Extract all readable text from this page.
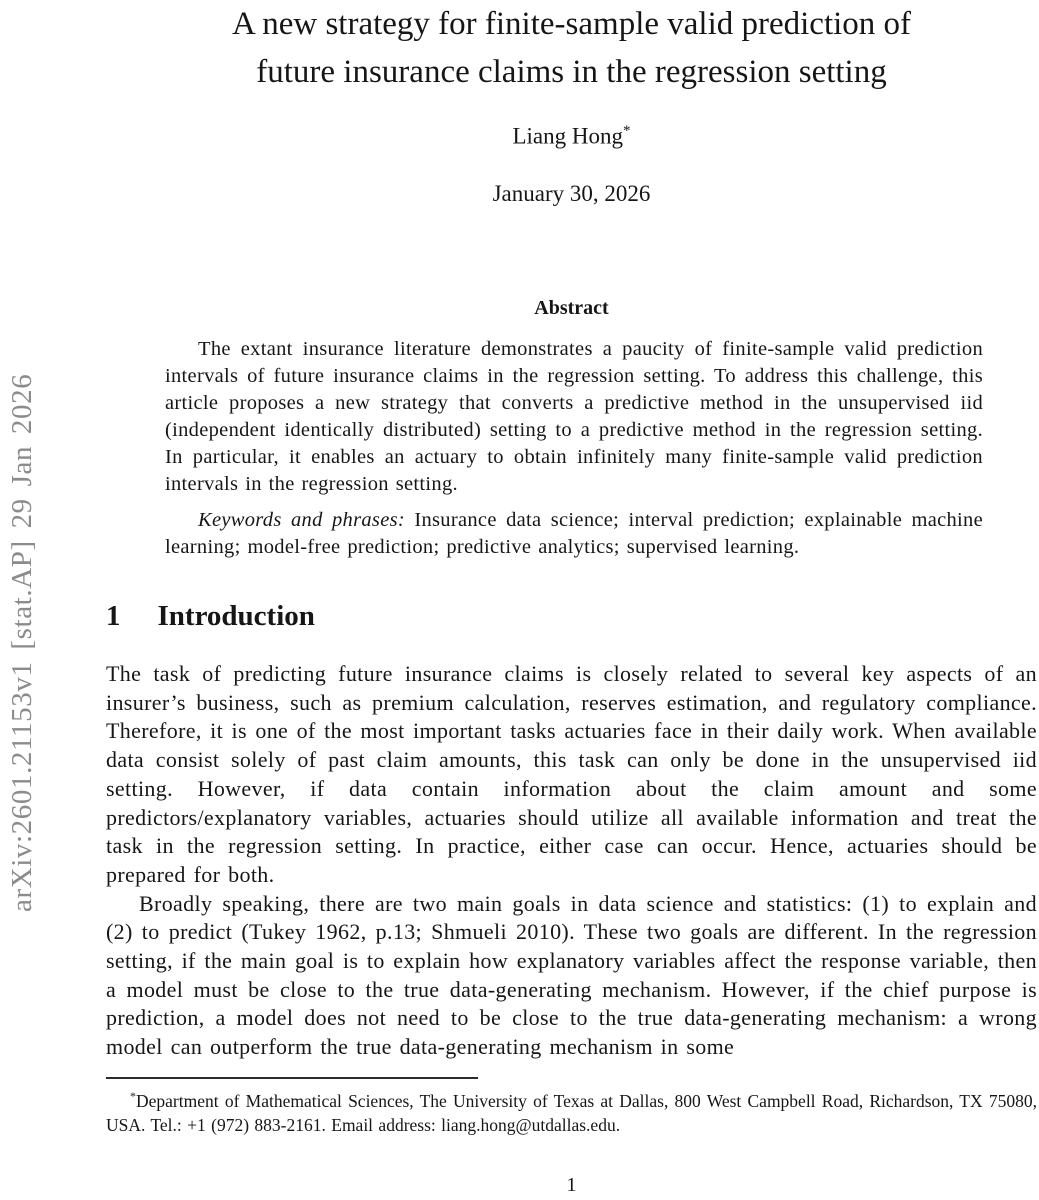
arXiv:2601.21153v1 [stat.AP] 29 Jan 2026
A new strategy for finite-sample valid prediction of
future insurance claims in the regression setting
Liang Hong*
January 30, 2026
Abstract

The extant insurance literature demonstrates a paucity of finite-sample valid prediction intervals of future insurance claims in the regression setting. To address this challenge, this article proposes a new strategy that converts a predictive method in the unsupervised iid (independent identically distributed) setting to a predictive method in the regression setting. In particular, it enables an actuary to obtain infinitely many finite-sample valid prediction intervals in the regression setting.

Keywords and phrases: Insurance data science; interval prediction; explainable machine learning; model-free prediction; predictive analytics; supervised learning.

1 Introduction

The task of predicting future insurance claims is closely related to several key aspects of an insurer’s business, such as premium calculation, reserves estimation, and regulatory compliance. Therefore, it is one of the most important tasks actuaries face in their daily work. When available data consist solely of past claim amounts, this task can only be done in the unsupervised iid setting. However, if data contain information about the claim amount and some predictors/explanatory variables, actuaries should utilize all available information and treat the task in the regression setting. In practice, either case can occur. Hence, actuaries should be prepared for both.

Broadly speaking, there are two main goals in data science and statistics: (1) to explain and (2) to predict (Tukey 1962, p.13; Shmueli 2010). These two goals are different. In the regression setting, if the main goal is to explain how explanatory variables affect the response variable, then a model must be close to the true data-generating mechanism. However, if the chief purpose is prediction, a model does not need to be close to the true data-generating mechanism: a wrong model can outperform the true data-generating mechanism in some

*Department of Mathematical Sciences, The University of Texas at Dallas, 800 West Campbell Road, Richardson, TX 75080, USA. Tel.: +1 (972) 883-2161. Email address: liang.hong@utdallas.edu.
1
